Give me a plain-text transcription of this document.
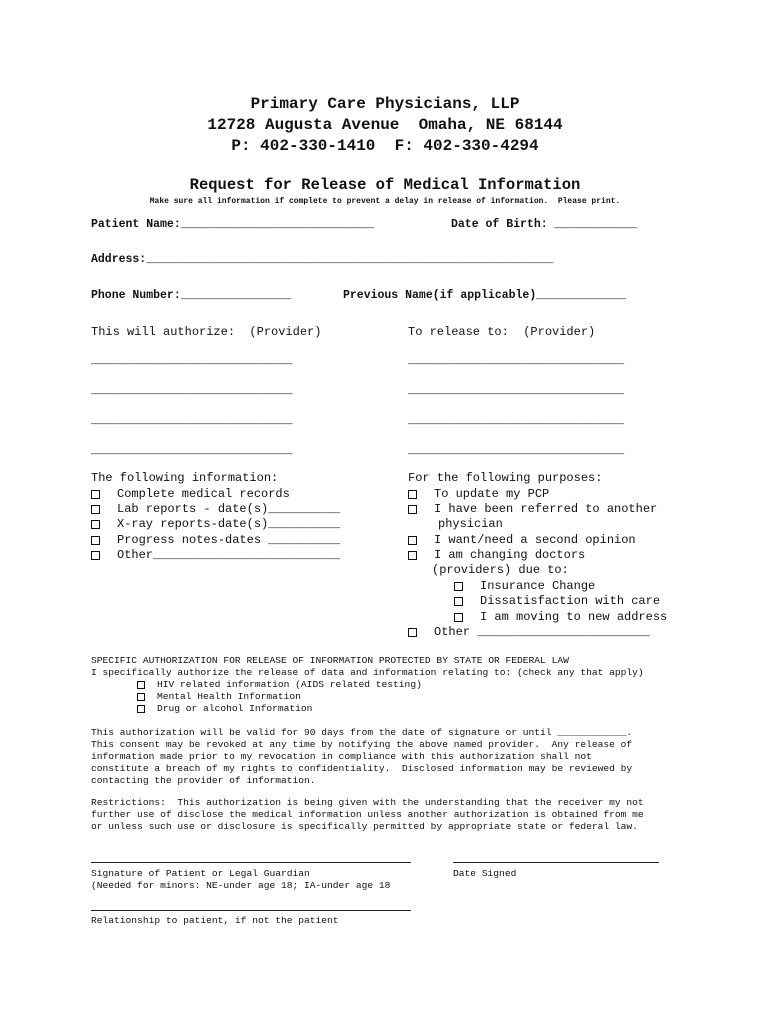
Primary Care Physicians, LLP
12728 Augusta Avenue  Omaha, NE 68144
P: 402-330-1410  F: 402-330-4294
Request for Release of Medical Information
Make sure all information if complete to prevent a delay in release of information.  Please print.
Patient Name:____________________________	Date of Birth: ____________
Address:___________________________________________________________
Phone Number:________________	Previous Name(if applicable)_____________
This will authorize:  (Provider)	To release to:  (Provider)
____________________________
____________________________
____________________________
____________________________
______________________________
______________________________
______________________________
______________________________
The following information:
Complete medical records
Lab reports - date(s)__________
X-ray reports-date(s)__________
Progress notes-dates __________
Other__________________________
For the following purposes:
To update my PCP
I have been referred to another
physician
I want/need a second opinion
I am changing doctors
(providers) due to:
Insurance Change
Dissatisfaction with care
I am moving to new address
Other ________________________
SPECIFIC AUTHORIZATION FOR RELEASE OF INFORMATION PROTECTED BY STATE OR FEDERAL LAW
I specifically authorize the release of data and information relating to: (check any that apply)
HIV related information (AIDS related testing)
Mental Health Information
Drug or alcohol Information
This authorization will be valid for 90 days from the date of signature or until ____________.
This consent may be revoked at any time by notifying the above named provider.  Any release of
information made prior to my revocation in compliance with this authorization shall not
constitute a breach of my rights to confidentiality.  Disclosed information may be reviewed by
contacting the provider of information.
Restrictions:  This authorization is being given with the understanding that the receiver my not
further use of disclose the medical information unless another authorization is obtained from me
or unless such use or disclosure is specifically permitted by appropriate state or federal law.
Signature of Patient or Legal Guardian	Date Signed
(Needed for minors: NE-under age 18; IA-under age 18
Relationship to patient, if not the patient
